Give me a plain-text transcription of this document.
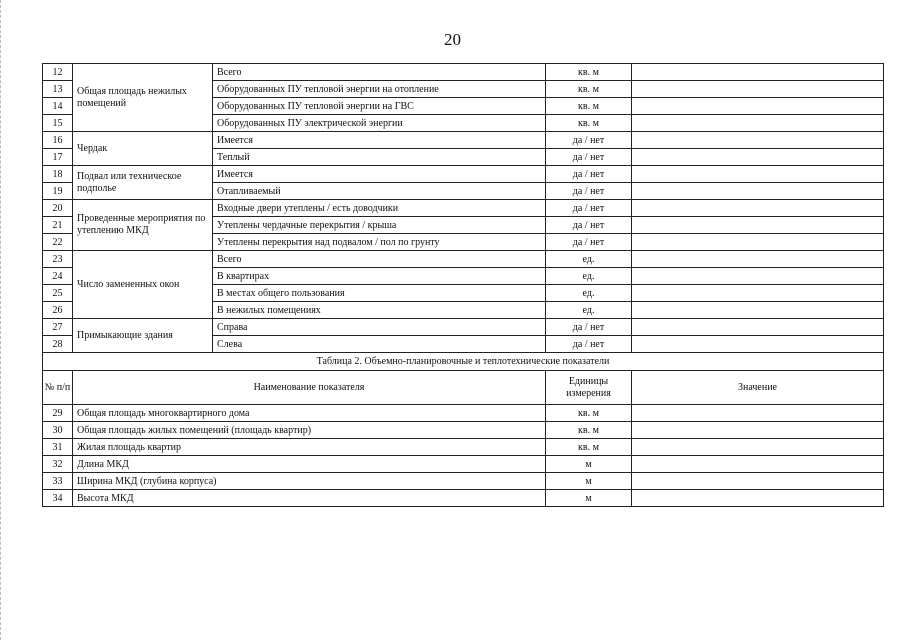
20
12	Общая площадь нежилых помещений	Всего	кв. м	
13		Оборудованных ПУ тепловой энергии на отопление	кв. м	
14		Оборудованных ПУ тепловой энергии на ГВС	кв. м	
15		Оборудованных ПУ электрической энергии	кв. м	
16	Чердак	Имеется	да / нет	
17		Теплый	да / нет	
18	Подвал или техническое подполье	Имеется	да / нет	
19		Отапливаемый	да / нет	
20	Проведенные мероприятия по утеплению МКД	Входные двери утеплены / есть доводчики	да / нет	
21		Утеплены чердачные перекрытия / крыша	да / нет	
22		Утеплены перекрытия над подвалом / пол по грунту	да / нет	
23	Число замененных окон	Всего	ед.	
24		В квартирах	ед.	
25		В местах общего пользования	ед.	
26		В нежилых помещениях	ед.	
27	Примыкающие здания	Справа	да / нет	
28		Слева	да / нет	
Таблица 2. Объемно-планировочные и теплотехнические показатели				
№ п/п	Наименование показателя		Единицы измерения	Значение
29	Общая площадь многоквартирного дома		кв. м	
30	Общая площадь жилых помещений (площадь квартир)		кв. м	
31	Жилая площадь квартир		кв. м	
32	Длина МКД		м	
33	Ширина МКД (глубина корпуса)		м	
34	Высота МКД		м	
